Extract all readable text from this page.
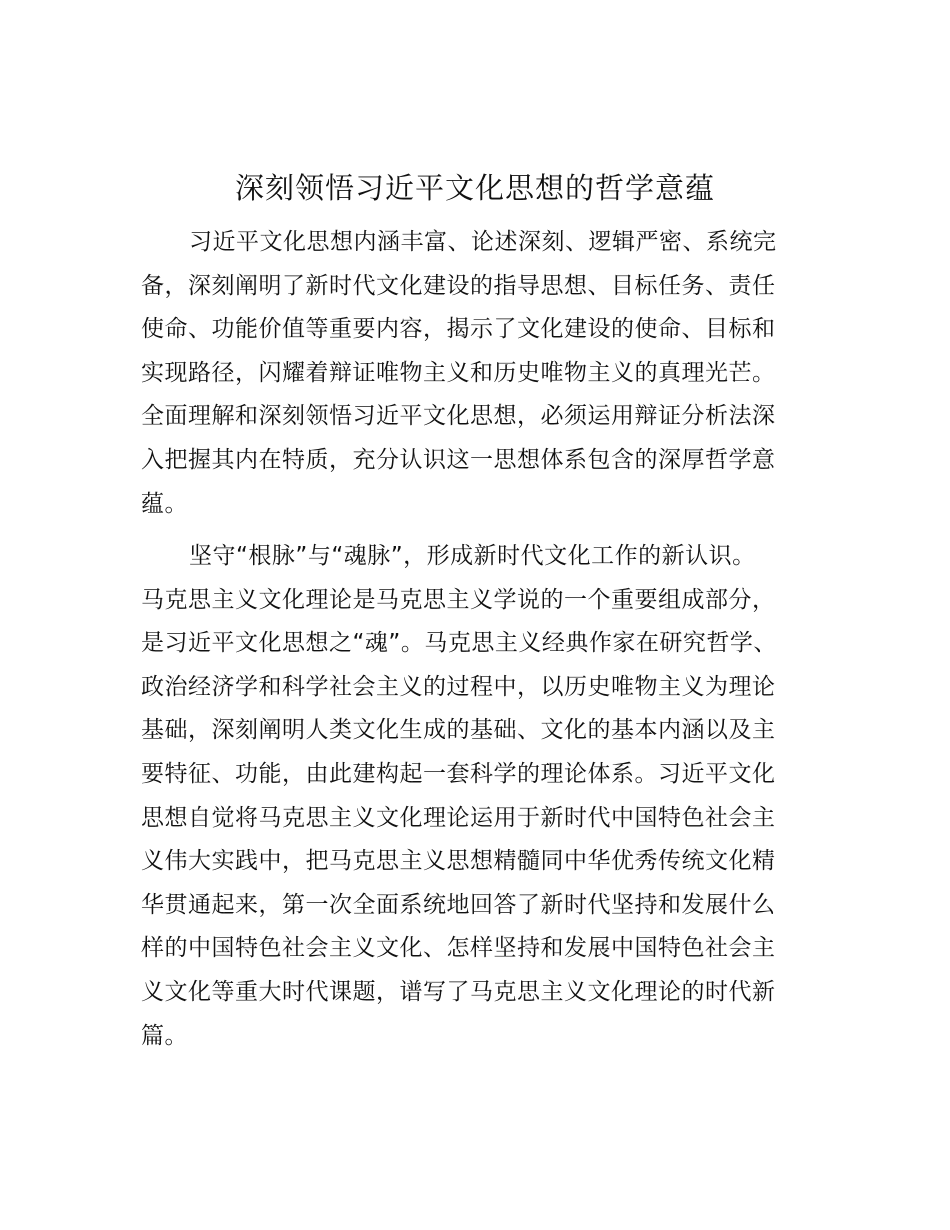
深刻领悟习近平文化思想的哲学意蕴
习近平文化思想内涵丰富、论述深刻、逻辑严密、系统完
备，深刻阐明了新时代文化建设的指导思想、目标任务、责任
使命、功能价值等重要内容，揭示了文化建设的使命、目标和
实现路径，闪耀着辩证唯物主义和历史唯物主义的真理光芒。
全面理解和深刻领悟习近平文化思想，必须运用辩证分析法深
入把握其内在特质，充分认识这一思想体系包含的深厚哲学意
蕴。
坚守“根脉”与“魂脉”，形成新时代文化工作的新认识。
马克思主义文化理论是马克思主义学说的一个重要组成部分，
是习近平文化思想之“魂”。马克思主义经典作家在研究哲学、
政治经济学和科学社会主义的过程中，以历史唯物主义为理论
基础，深刻阐明人类文化生成的基础、文化的基本内涵以及主
要特征、功能，由此建构起一套科学的理论体系。习近平文化
思想自觉将马克思主义文化理论运用于新时代中国特色社会主
义伟大实践中，把马克思主义思想精髓同中华优秀传统文化精
华贯通起来，第一次全面系统地回答了新时代坚持和发展什么
样的中国特色社会主义文化、怎样坚持和发展中国特色社会主
义文化等重大时代课题，谱写了马克思主义文化理论的时代新
篇。
